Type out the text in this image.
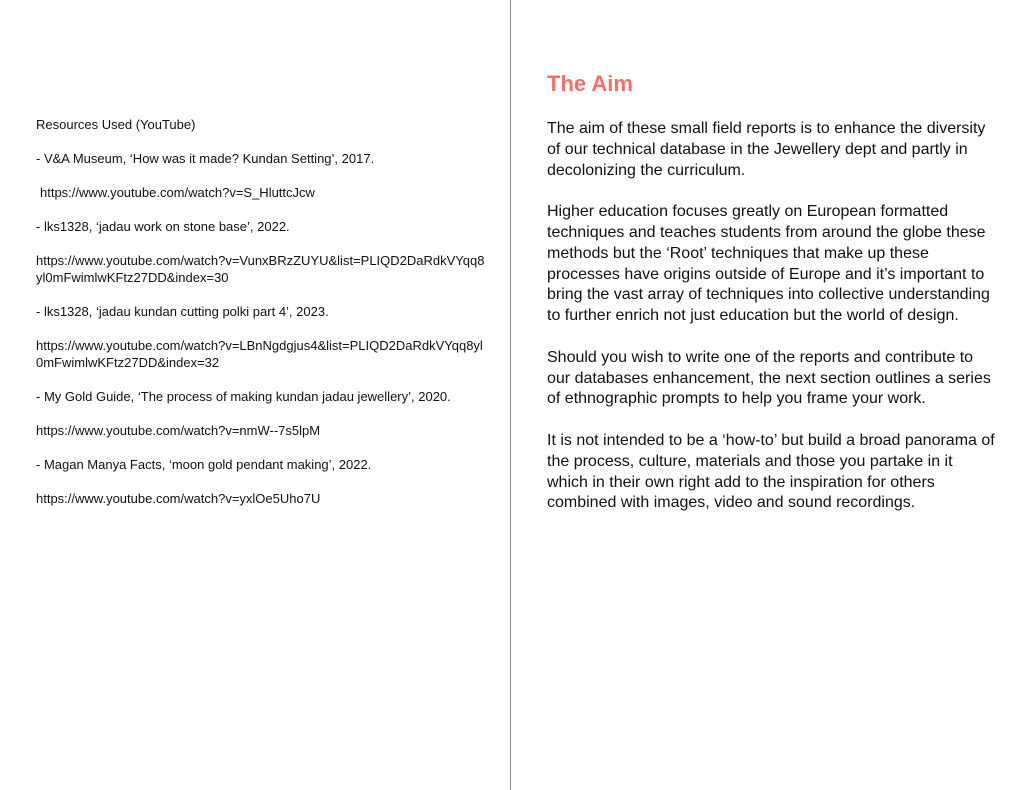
Resources Used (YouTube)

- V&A Museum, ‘How was it made? Kundan Setting’, 2017.

https://www.youtube.com/watch?v=S_HluttcJcw

- lks1328, ‘jadau work on stone base’, 2022.

https://www.youtube.com/watch?v=VunxBRzZUYU&list=PLIQD2DaRdkVYqq8yl0mFwimlwKFtz27DD&index=30

- lks1328, ‘jadau kundan cutting polki part 4’, 2023.

https://www.youtube.com/watch?v=LBnNgdgjus4&list=PLIQD2DaRdkVYqq8yl0mFwimlwKFtz27DD&index=32

- My Gold Guide, ‘The process of making kundan jadau jewellery’, 2020.

https://www.youtube.com/watch?v=nmW--7s5lpM

- Magan Manya Facts, ‘moon gold pendant making’, 2022.

https://www.youtube.com/watch?v=yxlOe5Uho7U

The Aim

The aim of these small field reports is to enhance the diversity of our technical database in the Jewellery dept and partly in decolonizing the curriculum.

Higher education focuses greatly on European formatted techniques and teaches students from around the globe these methods but the ‘Root’ techniques that make up these processes have origins outside of Europe and it’s important to bring the vast array of techniques into collective understanding to further enrich not just education but the world of design.

Should you wish to write one of the reports and contribute to our databases enhancement, the next section outlines a series of ethnographic prompts to help you frame your work.

It is not intended to be a ‘how-to’ but build a broad panorama of the process, culture, materials and those you partake in it which in their own right add to the inspiration for others combined with images, video and sound recordings.
